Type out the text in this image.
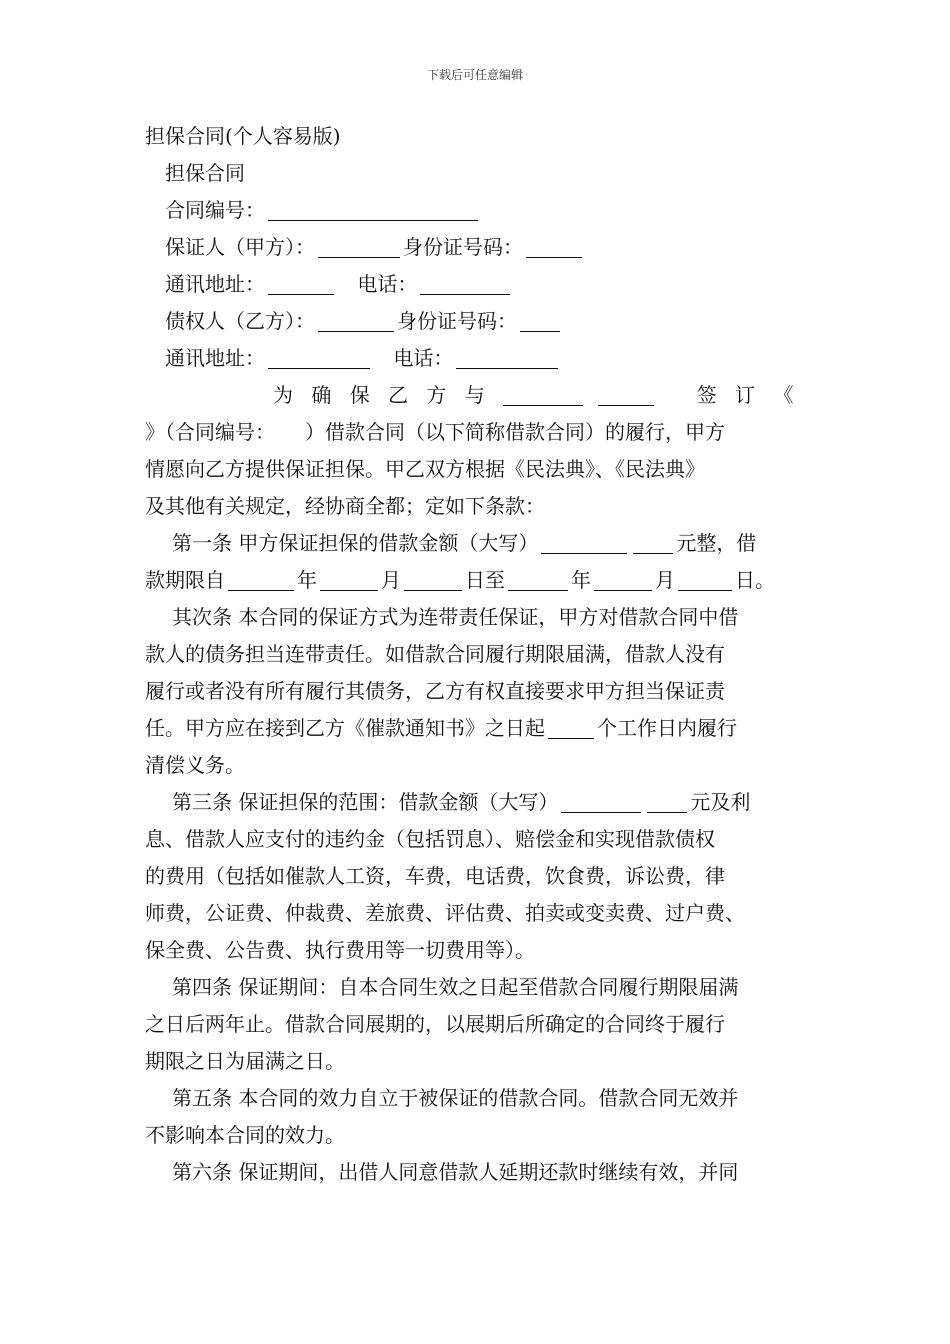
下载后可任意编辑
担保合同(个人容易版)
担保合同
合同编号：
保证人（甲方）：	身份证号码：
通讯地址：	电话：
债权人（乙方）：	身份证号码：
通讯地址：	电话：
为 确 保 乙 方 与	签 订 《
》（合同编号：　　）借款合同（以下简称借款合同）的履行，甲方
情愿向乙方提供保证担保。甲乙双方根据《民法典》、《民法典》
及其他有关规定，经协商全都；定如下条款：
第一条 甲方保证担保的借款金额（大写）	元整，借
款期限自	年	月	日至	年	月	日。
其次条 本合同的保证方式为连带责任保证，甲方对借款合同中借
款人的债务担当连带责任。如借款合同履行期限届满，借款人没有
履行或者没有所有履行其债务，乙方有权直接要求甲方担当保证责
任。甲方应在接到乙方《催款通知书》之日起	个工作日内履行
清偿义务。
第三条 保证担保的范围：借款金额（大写）	元及利
息、借款人应支付的违约金（包括罚息）、赔偿金和实现借款债权
的费用（包括如催款人工资，车费，电话费，饮食费，诉讼费，律
师费，公证费、仲裁费、差旅费、评估费、拍卖或变卖费、过户费、
保全费、公告费、执行费用等一切费用等）。
第四条 保证期间：自本合同生效之日起至借款合同履行期限届满
之日后两年止。借款合同展期的，以展期后所确定的合同终于履行
期限之日为届满之日。
第五条 本合同的效力自立于被保证的借款合同。借款合同无效并
不影响本合同的效力。
第六条 保证期间，出借人同意借款人延期还款时继续有效，并同
